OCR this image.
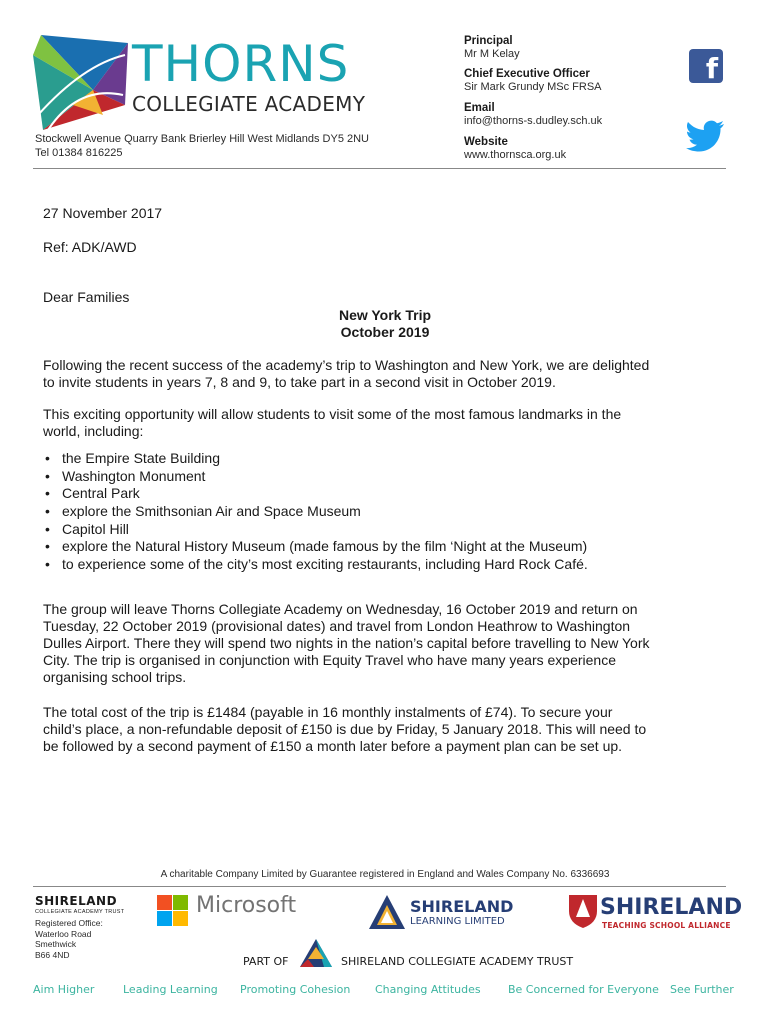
THORNS
COLLEGIATE ACADEMY
Stockwell Avenue Quarry Bank Brierley Hill West Midlands DY5 2NU
Tel 01384 816225
Principal
Mr M Kelay
Chief Executive Officer
Sir Mark Grundy MSc FRSA
Email
info@thorns-s.dudley.sch.uk
Website
www.thornsca.org.uk
f
27 November 2017
Ref: ADK/AWD
Dear Families
New York Trip
October 2019
Following the recent success of the academy’s trip to Washington and New York, we are delighted
to invite students in years 7, 8 and 9, to take part in a second visit in October 2019.
This exciting opportunity will allow students to visit some of the most famous landmarks in the
world, including:
• the Empire State Building
• Washington Monument
• Central Park
• explore the Smithsonian Air and Space Museum
• Capitol Hill
• explore the Natural History Museum (made famous by the film ‘Night at the Museum)
• to experience some of the city’s most exciting restaurants, including Hard Rock Café.
The group will leave Thorns Collegiate Academy on Wednesday, 16 October 2019 and return on
Tuesday, 22 October 2019 (provisional dates) and travel from London Heathrow to Washington
Dulles Airport. There they will spend two nights in the nation’s capital before travelling to New York
City. The trip is organised in conjunction with Equity Travel who have many years experience
organising school trips.
The total cost of the trip is £1484 (payable in 16 monthly instalments of £74). To secure your
child’s place, a non-refundable deposit of £150 is due by Friday, 5 January 2018. This will need to
be followed by a second payment of £150 a month later before a payment plan can be set up.
A charitable Company Limited by Guarantee registered in England and Wales Company No. 6336693
SHIRELAND
COLLEGIATE ACADEMY TRUST
Registered Office:
Waterloo Road
Smethwick
B66 4ND
Microsoft	SHIRELAND
LEARNING LIMITED
SHIRELAND
TEACHING SCHOOL ALLIANCE
PART OF	SHIRELAND COLLEGIATE ACADEMY TRUST
Aim Higher	Leading Learning Promoting Cohesion Changing Attitudes Be Concerned for Everyone See Further
